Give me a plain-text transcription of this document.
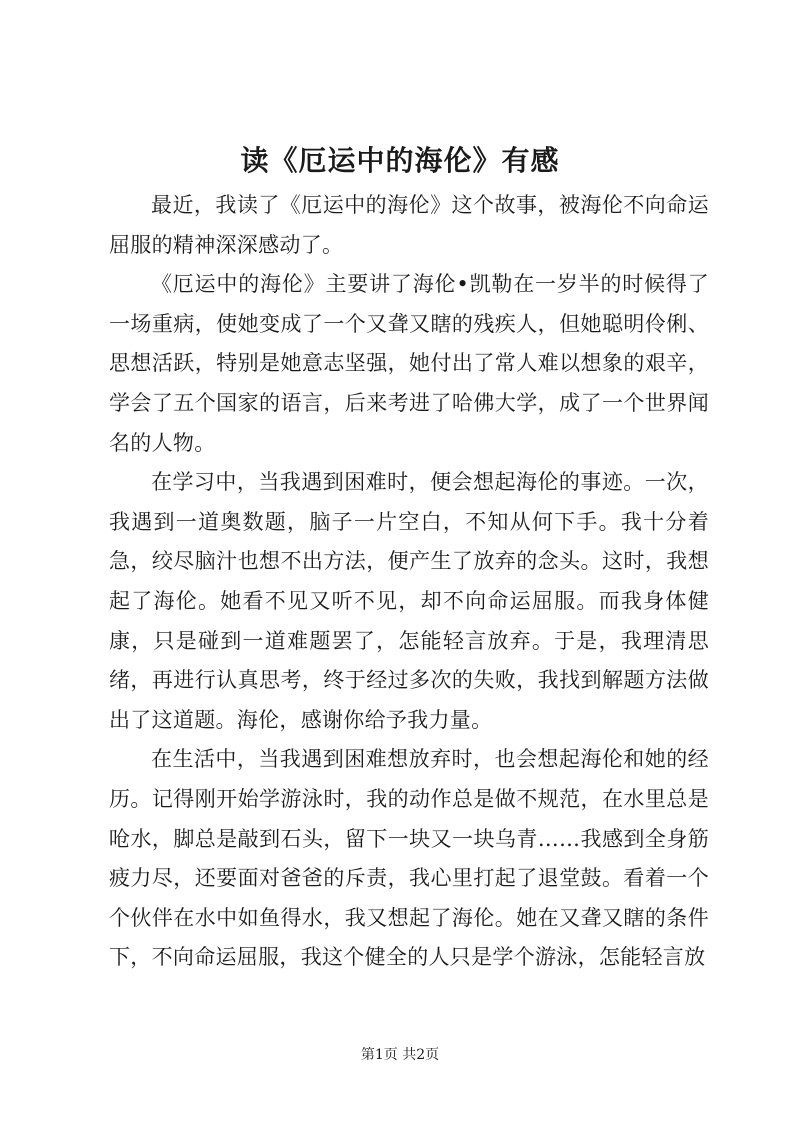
读《厄运中的海伦》有感

最近，我读了《厄运中的海伦》这个故事，被海伦不向命运屈服的精神深深感动了。

《厄运中的海伦》主要讲了海伦•凯勒在一岁半的时候得了一场重病，使她变成了一个又聋又瞎的残疾人，但她聪明伶俐、思想活跃，特别是她意志坚强，她付出了常人难以想象的艰辛，学会了五个国家的语言，后来考进了哈佛大学，成了一个世界闻名的人物。

在学习中，当我遇到困难时，便会想起海伦的事迹。一次，我遇到一道奥数题，脑子一片空白，不知从何下手。我十分着急，绞尽脑汁也想不出方法，便产生了放弃的念头。这时，我想起了海伦。她看不见又听不见，却不向命运屈服。而我身体健康，只是碰到一道难题罢了，怎能轻言放弃。于是，我理清思绪，再进行认真思考，终于经过多次的失败，我找到解题方法做出了这道题。海伦，感谢你给予我力量。

在生活中，当我遇到困难想放弃时，也会想起海伦和她的经历。记得刚开始学游泳时，我的动作总是做不规范，在水里总是呛水，脚总是敲到石头，留下一块又一块乌青……我感到全身筋疲力尽，还要面对爸爸的斥责，我心里打起了退堂鼓。看着一个个伙伴在水中如鱼得水，我又想起了海伦。她在又聋又瞎的条件下，不向命运屈服，我这个健全的人只是学个游泳，怎能轻言放

第1页 共2页
